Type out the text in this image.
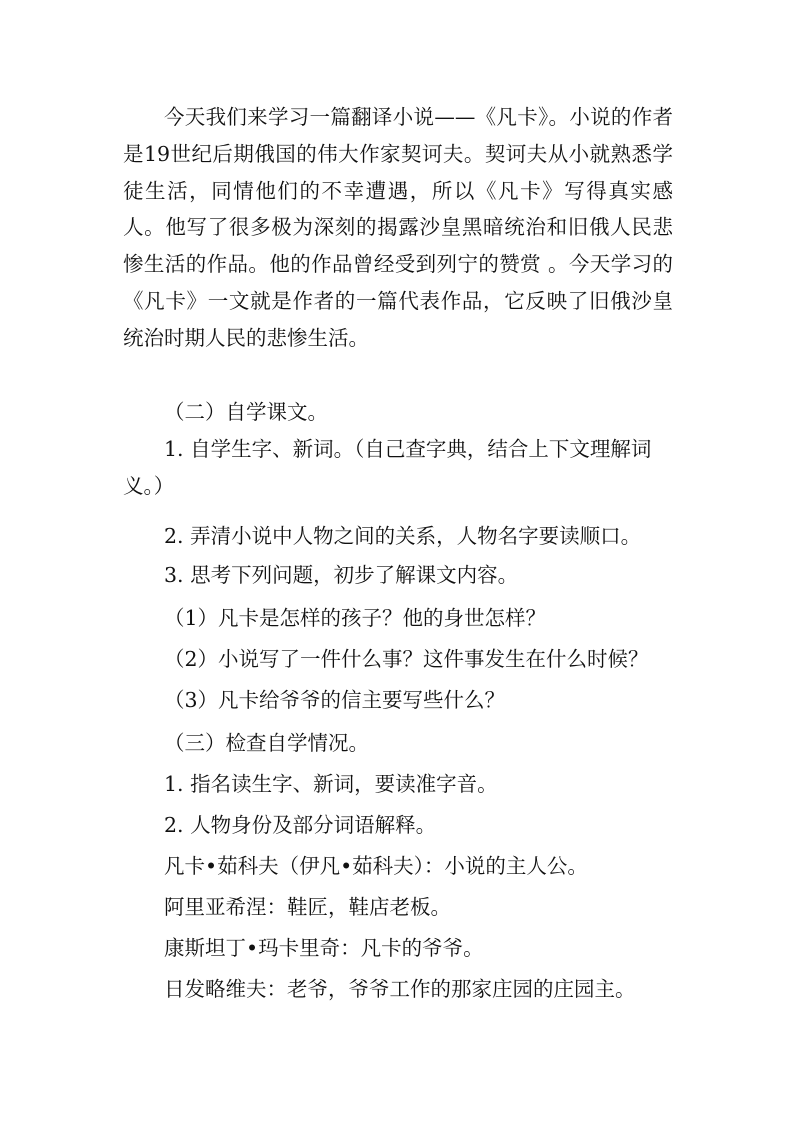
今天我们来学习一篇翻译小说——《凡卡》。小说的作者是19世纪后期俄国的伟大作家契诃夫。契诃夫从小就熟悉学徒生活，同情他们的不幸遭遇，所以《凡卡》写得真实感人。他写了很多极为深刻的揭露沙皇黑暗统治和旧俄人民悲惨生活的作品。他的作品曾经受到列宁的赞赏 。今天学习的《凡卡》一文就是作者的一篇代表作品，它反映了旧俄沙皇统治时期人民的悲惨生活。

（二）自学课文。
1. 自学生字、新词。（自己查字典，结合上下文理解词义。）
2. 弄清小说中人物之间的关系，人物名字要读顺口。
3. 思考下列问题，初步了解课文内容。
（1）凡卡是怎样的孩子？他的身世怎样？
（2）小说写了一件什么事？这件事发生在什么时候？
（3）凡卡给爷爷的信主要写些什么？
（三）检查自学情况。
1. 指名读生字、新词，要读准字音。
2. 人物身份及部分词语解释。
凡卡•茹科夫（伊凡•茹科夫）：小说的主人公。
阿里亚希涅：鞋匠，鞋店老板。
康斯坦丁•玛卡里奇：凡卡的爷爷。
日发略维夫：老爷，爷爷工作的那家庄园的庄园主。
